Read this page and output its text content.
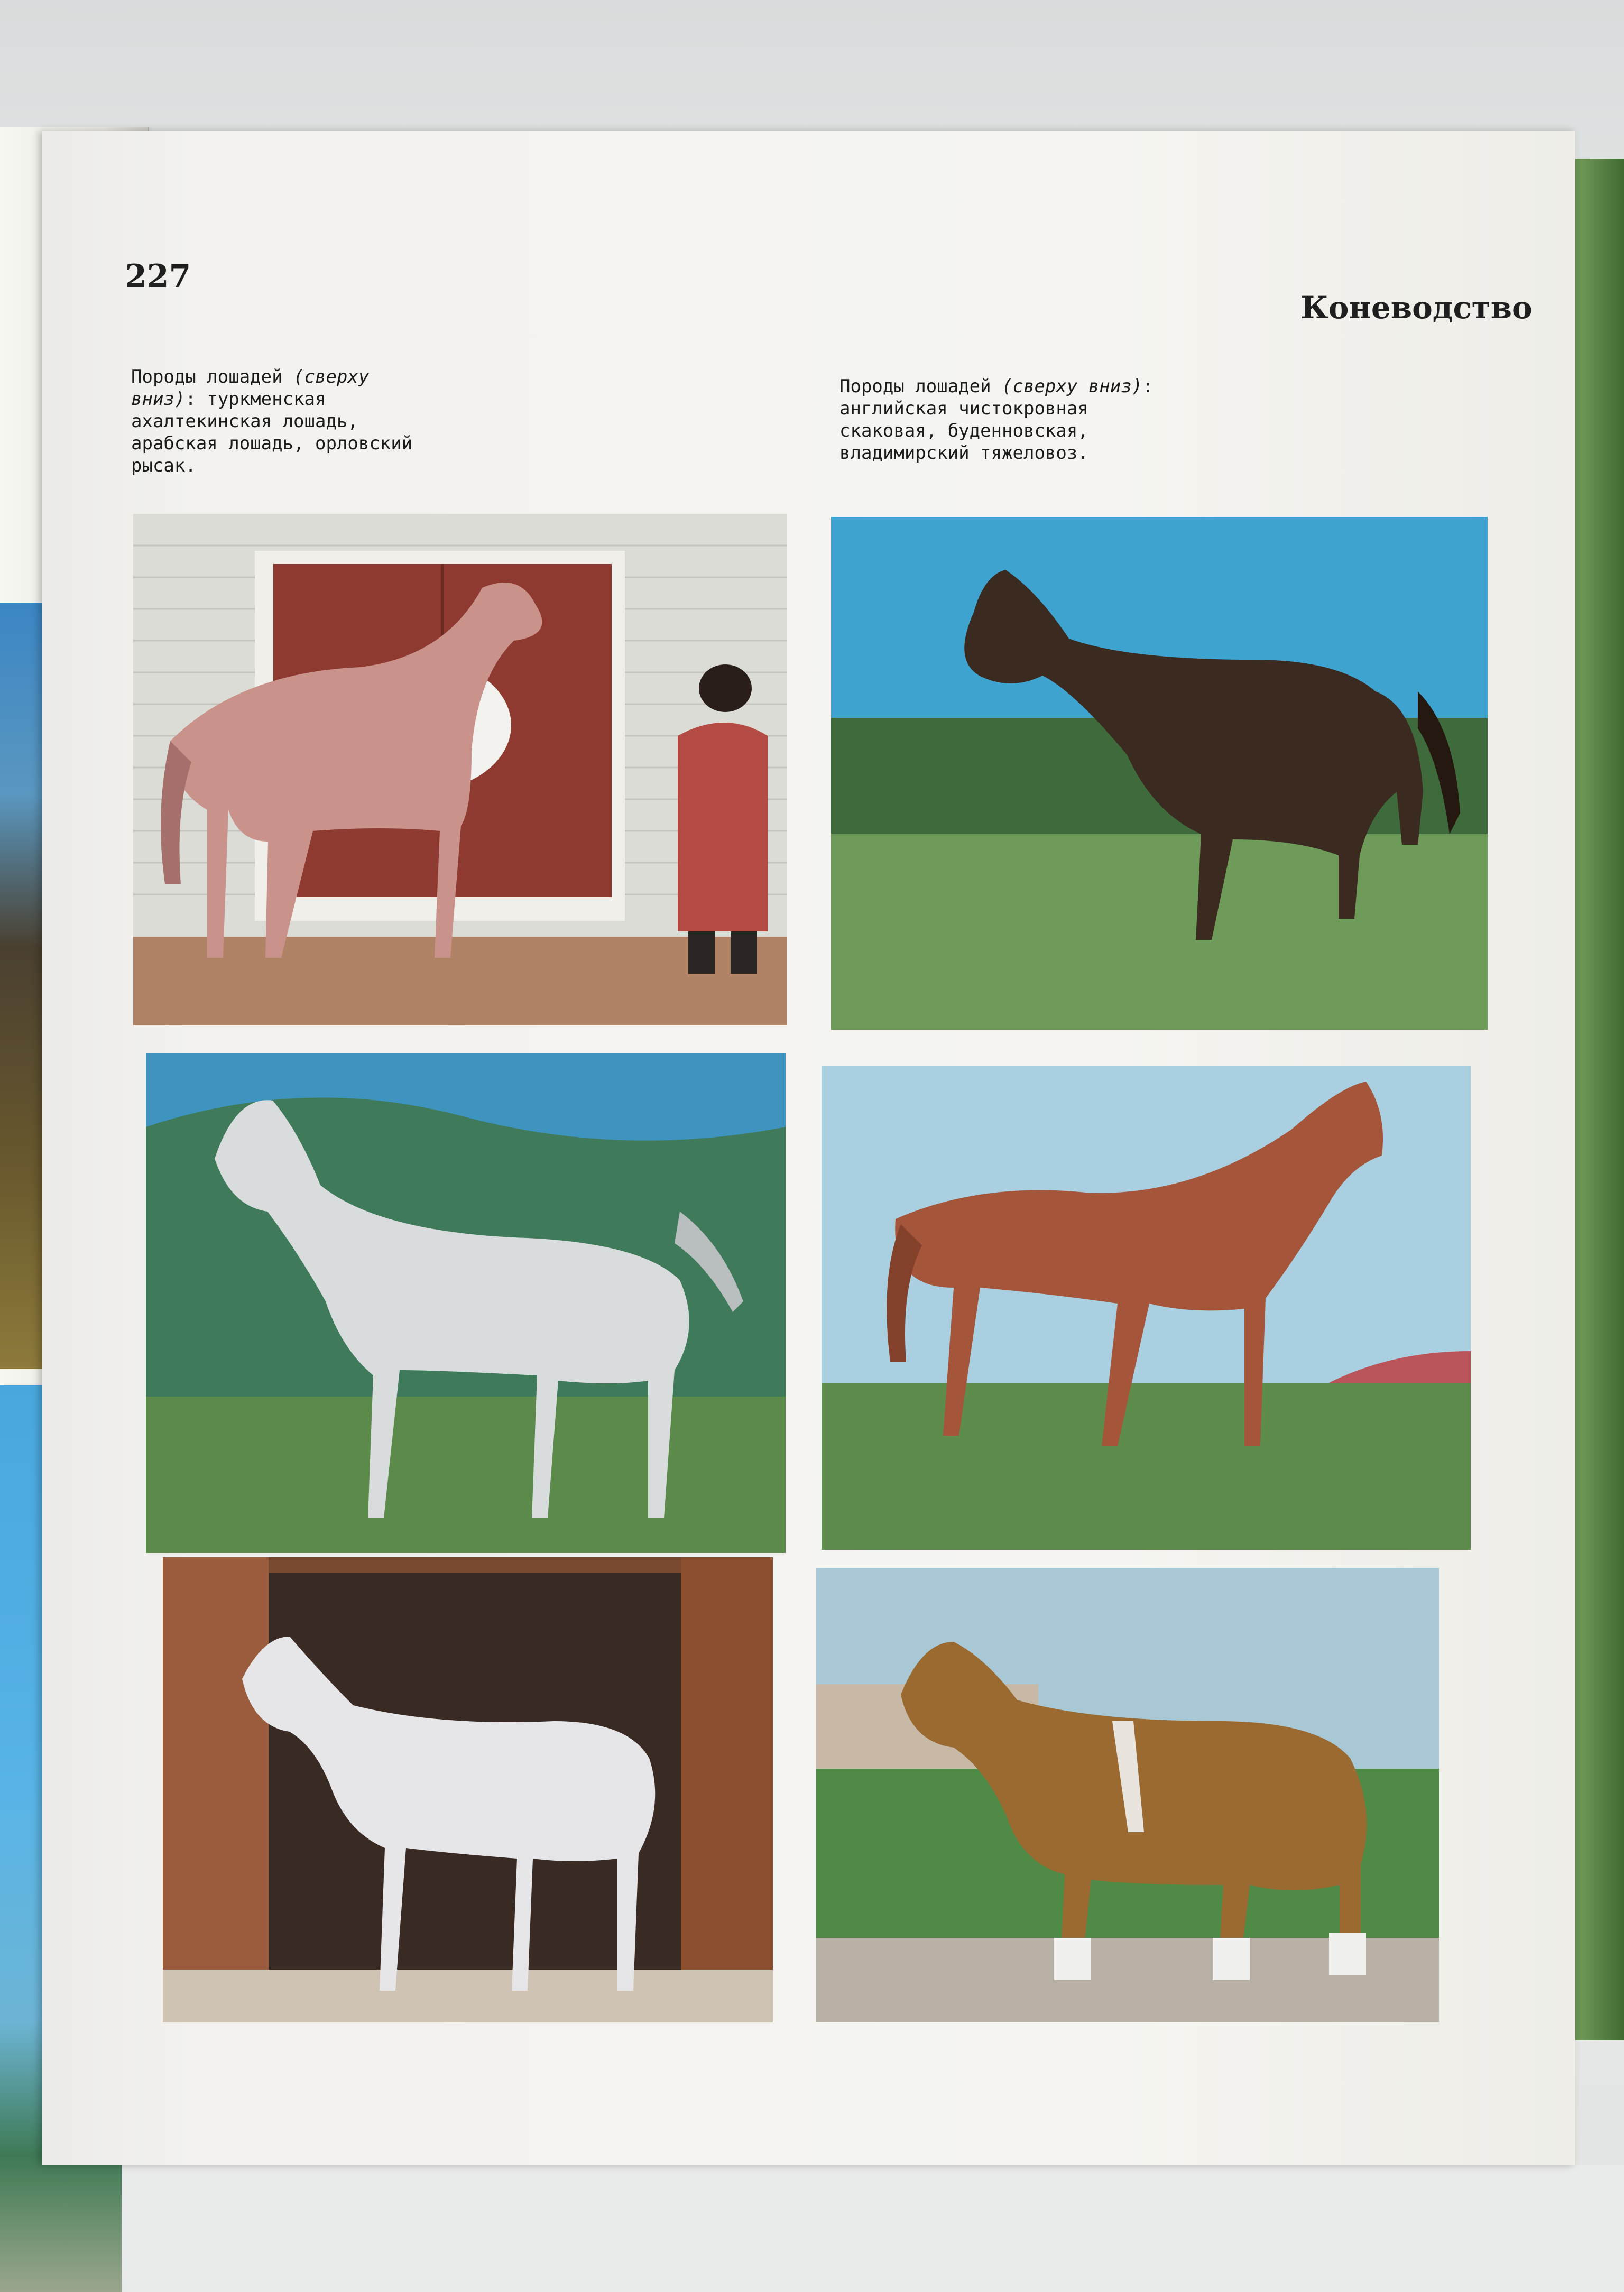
227

Коневодство

Породы лошадей (сверху вниз): туркменская ахалтекинская лошадь, арабская лошадь, орловский рысак.

Породы лошадей (сверху вниз): английская чистокровная скаковая, буденновская, владимирский тяжеловоз.
